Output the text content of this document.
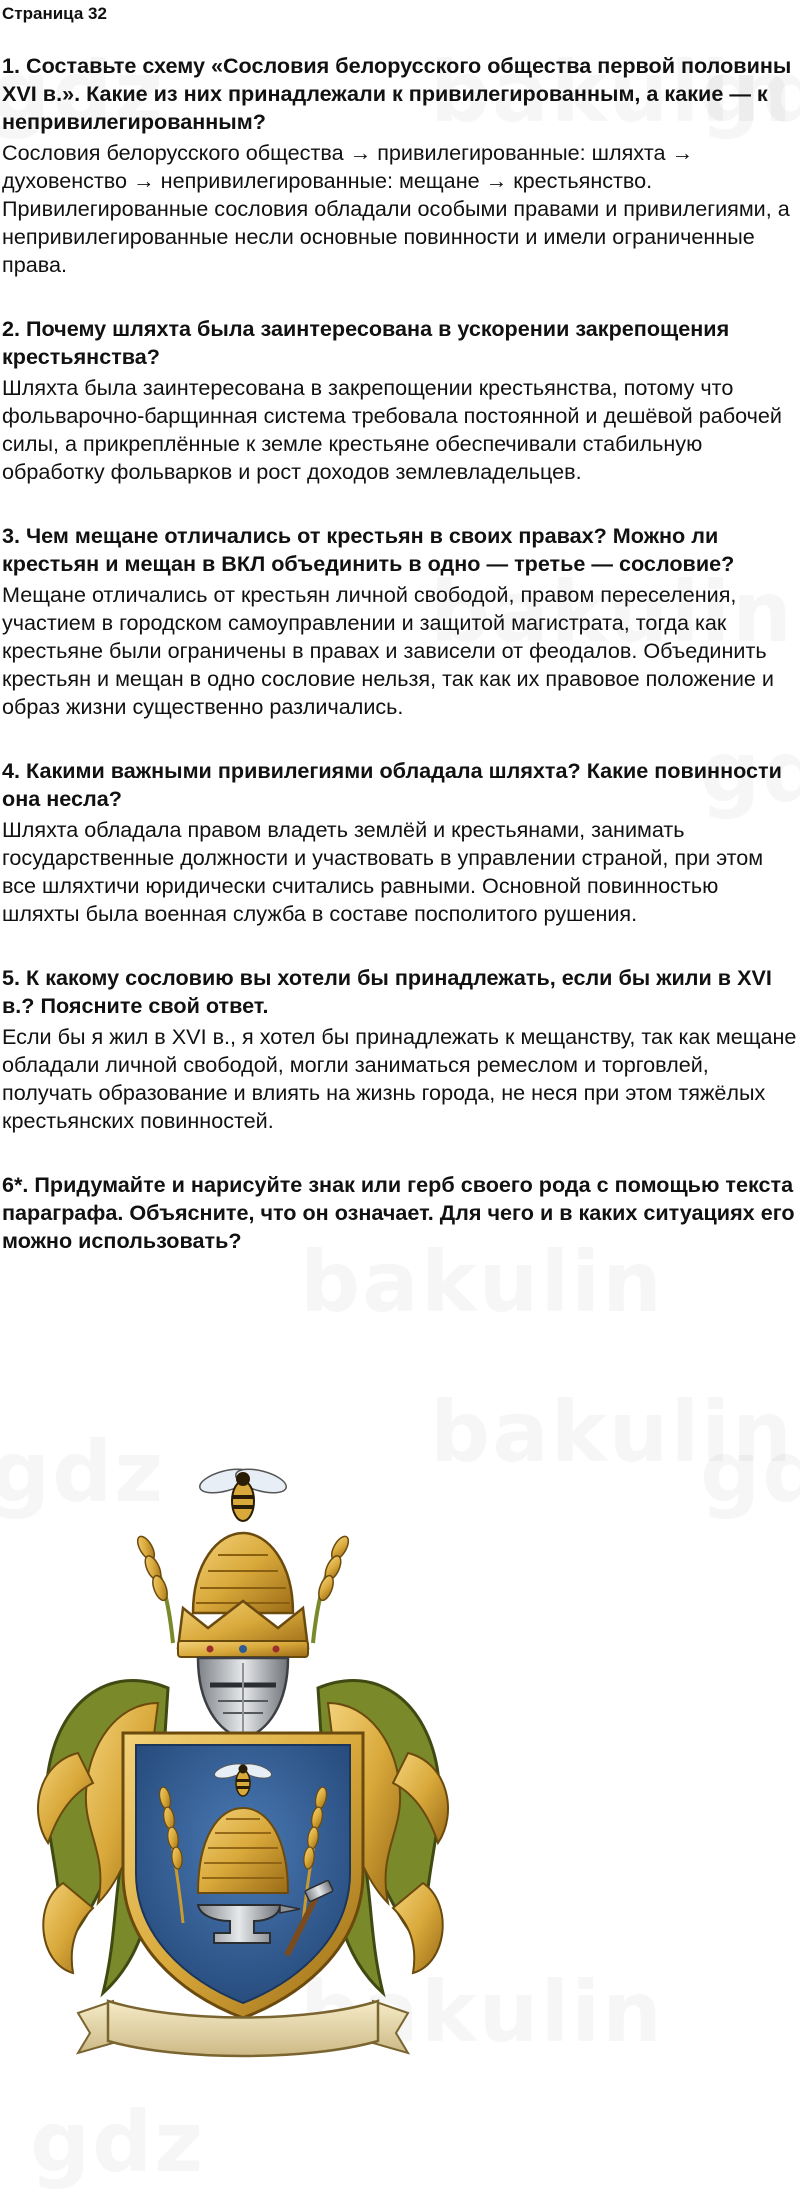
Страница 32

1. Составьте схему «Сословия белорусского общества первой половины XVI в.». Какие из них принадлежали к привилегированным, а какие — к непривилегированным?

Сословия белорусского общества → привилегированные: шляхта → духовенство → непривилегированные: мещане → крестьянство. Привилегированные сословия обладали особыми правами и привилегиями, а непривилегированные несли основные повинности и имели ограниченные права.

2. Почему шляхта была заинтересована в ускорении закрепощения крестьянства?

Шляхта была заинтересована в закрепощении крестьянства, потому что фольварочно-барщинная система требовала постоянной и дешёвой рабочей силы, а прикреплённые к земле крестьяне обеспечивали стабильную обработку фольварков и рост доходов землевладельцев.

3. Чем мещане отличались от крестьян в своих правах? Можно ли крестьян и мещан в ВКЛ объединить в одно — третье — сословие?

Мещане отличались от крестьян личной свободой, правом переселения, участием в городском самоуправлении и защитой магистрата, тогда как крестьяне были ограничены в правах и зависели от феодалов. Объединить крестьян и мещан в одно сословие нельзя, так как их правовое положение и образ жизни существенно различались.

4. Какими важными привилегиями обладала шляхта? Какие повинности она несла?

Шляхта обладала правом владеть землёй и крестьянами, занимать государственные должности и участвовать в управлении страной, при этом все шляхтичи юридически считались равными. Основной повинностью шляхты была военная служба в составе посполитого рушения.

5. К какому сословию вы хотели бы принадлежать, если бы жили в XVI в.? Поясните свой ответ.

Если бы я жил в XVI в., я хотел бы принадлежать к мещанству, так как мещане обладали личной свободой, могли заниматься ремеслом и торговлей, получать образование и влиять на жизнь города, не неся при этом тяжёлых крестьянских повинностей.

6*. Придумайте и нарисуйте знак или герб своего рода с помощью текста параграфа. Объясните, что он означает. Для чего и в каких ситуациях его можно использовать?
